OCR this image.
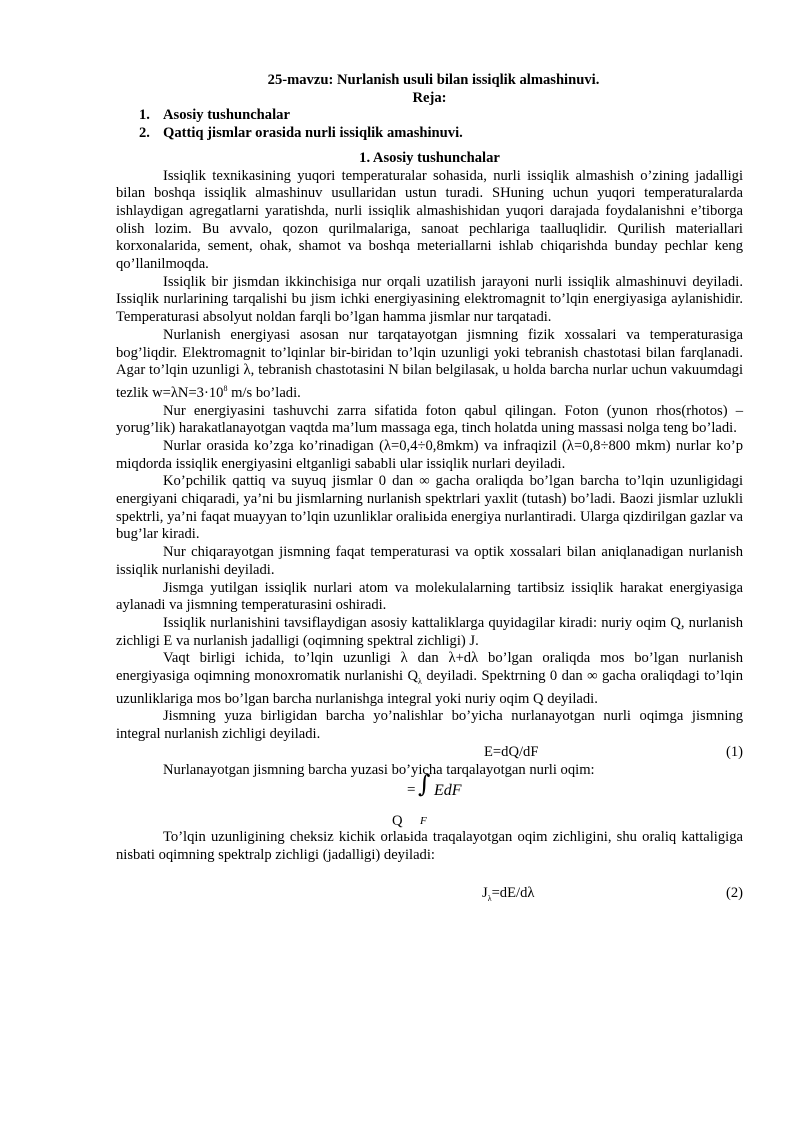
25-mavzu: Nurlanish usuli bilan issiqlik almashinuvi.

Reja:

1. Asosiy tushunchalar
2. Qattiq jismlar orasida nurli issiqlik amashinuvi.

1. Asosiy tushunchalar

Issiqlik texnikasining yuqori temperaturalar sohasida, nurli issiqlik almashish o’zining jadalligi bilan boshqa issiqlik almashinuv usullaridan ustun turadi. SHuning uchun yuqori temperaturalarda ishlaydigan agregatlarni yaratishda, nurli issiqlik almashishidan yuqori darajada foydalanishni e’tiborga olish lozim. Bu avvalo, qozon qurilmalariga, sanoat pechlariga taalluqlidir. Qurilish materiallari korxonalarida, sement, ohak, shamot va boshqa meteriallarni ishlab chiqarishda bunday pechlar keng qo’llanilmoqda.

Issiqlik bir jismdan ikkinchisiga nur orqali uzatilish jarayoni nurli issiqlik almashinuvi deyiladi. Issiqlik nurlarining tarqalishi bu jism ichki energiyasining elektromagnit to’lqin energiyasiga aylanishidir. Temperaturasi absolyut noldan farqli bo’lgan hamma jismlar nur tarqatadi.

Nurlanish energiyasi asosan nur tarqatayotgan jismning fizik xossalari va temperaturasiga bog’liqdir. Elektromagnit to’lqinlar bir-biridan to’lqin uzunligi yoki tebranish chastotasi bilan farqlanadi. Agar to’lqin uzunligi λ, tebranish chastotasini N bilan belgilasak, u holda barcha nurlar uchun vakuumdagi tezlik $w=\lambda N=3\cdot 10^8$ m/s bo’ladi.

Nur energiyasini tashuvchi zarra sifatida foton qabul qilingan. Foton (yunon rhos(rhotos) – yorug’lik) harakatlanayotgan vaqtda ma’lum massaga ega, tinch holatda uning massasi nolga teng bo’ladi.

Nurlar orasida ko’zga ko’rinadigan (λ=0,4÷0,8mkm) va infraqizil (λ=0,8÷800 mkm) nurlar ko’p miqdorda issiqlik energiyasini eltganligi sababli ular issiqlik nurlari deyiladi.

Ko’pchilik qattiq va suyuq jismlar 0 dan ∞ gacha oraliqda bo’lgan barcha to’lqin uzunligidagi energiyani chiqaradi, ya’ni bu jismlarning nurlanish spektrlari yaxlit (tutash) bo’ladi. Baozi jismlar uzlukli spektrli, ya’ni faqat muayyan to’lqin uzunliklar oraliьida energiya nurlantiradi. Ularga qizdirilgan gazlar va bug’lar kiradi.

Nur chiqarayotgan jismning faqat temperaturasi va optik xossalari bilan aniqlanadigan nurlanish issiqlik nurlanishi deyiladi.

Jismga yutilgan issiqlik nurlari atom va molekulalarning tartibsiz issiqlik harakat energiyasiga aylanadi va jismning temperaturasini oshiradi.

Issiqlik nurlanishini tavsiflaydigan asosiy kattaliklarga quyidagilar kiradi: nuriy oqim Q, nurlanish zichligi E va nurlanish jadalligi (oqimning spektral zichligi) J.

Vaqt birligi ichida, to’lqin uzunligi λ dan λ+dλ bo’lgan oraliqda mos bo’lgan nurlanish energiyasiga oqimning monoxromatik nurlanishi $Q_\lambda$ deyiladi. Spektrning 0 dan ∞ gacha oraliqdagi to’lqin uzunliklariga mos bo’lgan barcha nurlanishga integral yoki nuriy oqim Q deyiladi.

Jismning yuza birligidan barcha yo’nalishlar bo’yicha nurlanayotgan nurli oqimga jismning integral nurlanish zichligi deyiladi.

E=dQ/dF	(1)

Nurlanayotgan jismning barcha yuzasi bo’yicha tarqalayotgan nurli oqim:

Q
= ∫ EdF
F

To’lqin uzunligining cheksiz kichik orlaьida traqalayotgan oqim zichligini, shu oraliq kattaligiga nisbati oqimning spektralp zichligi (jadalligi) deyiladi:

$J_\lambda=dE/d\lambda$	(2)
